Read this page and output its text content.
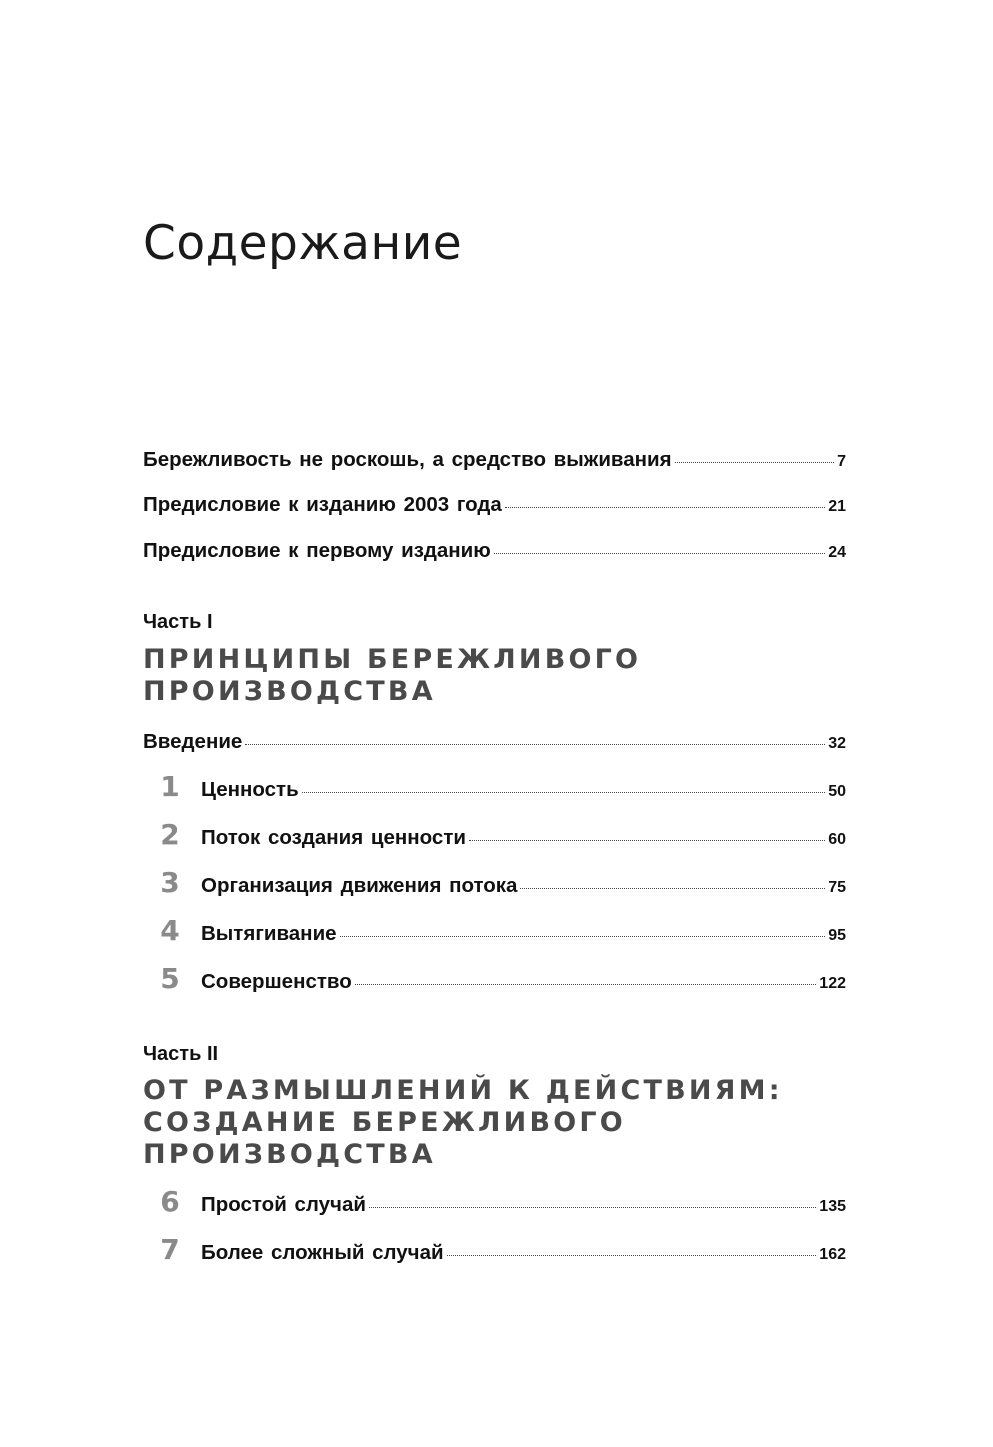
Содержание
Бережливость не роскошь, а средство выживания	7
Предисловие к изданию 2003 года	21
Предисловие к первому изданию	24
Часть I
ПРИНЦИПЫ БЕРЕЖЛИВОГО
ПРОИЗВОДСТВА
Введение	32
1 Ценность	50
2 Поток создания ценности	60
3 Организация движения потока	75
4 Вытягивание	95
5 Совершенство	122
Часть II
ОТ РАЗМЫШЛЕНИЙ К ДЕЙСТВИЯМ:
СОЗДАНИЕ БЕРЕЖЛИВОГО
ПРОИЗВОДСТВА
6 Простой случай	135
7 Более сложный случай	162
